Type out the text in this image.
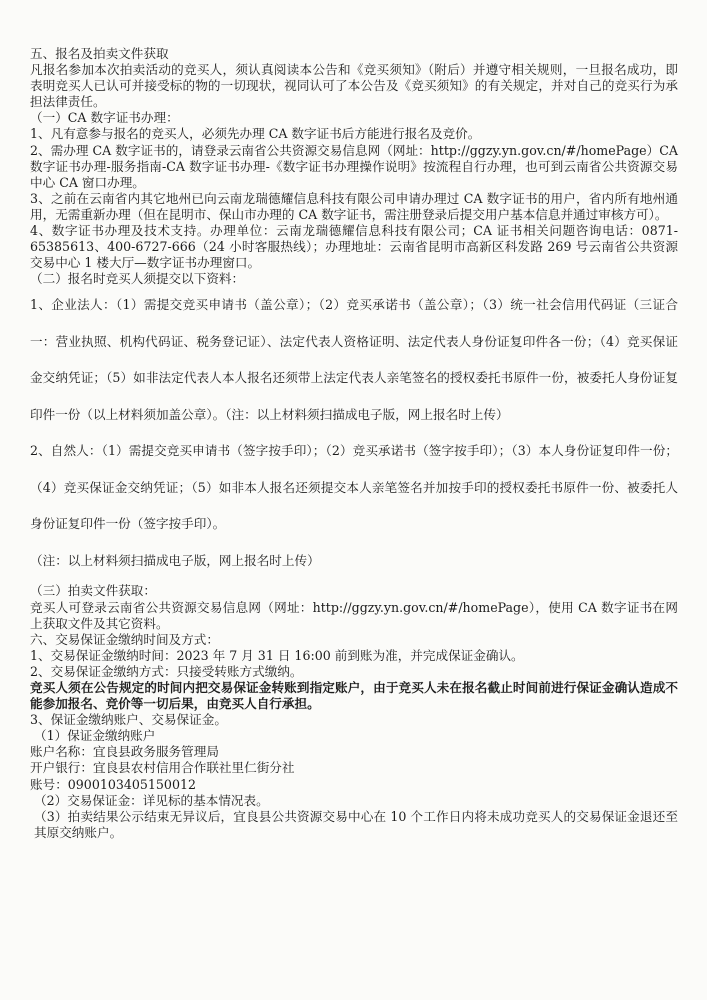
五、报名及拍卖文件获取

凡报名参加本次拍卖活动的竞买人，须认真阅读本公告和《竞买须知》（附后）并遵守相关规则，一旦报名成功，即表明竞买人已认可并接受标的物的一切现状，视同认可了本公告及《竞买须知》的有关规定，并对自己的竞买行为承担法律责任。

（一）CA 数字证书办理：

1、凡有意参与报名的竞买人，必须先办理 CA 数字证书后方能进行报名及竞价。

2、需办理 CA 数字证书的，请登录云南省公共资源交易信息网（网址：http://ggzy.yn.gov.cn/#/homePage）CA 数字证书办理-服务指南-CA 数字证书办理-《数字证书办理操作说明》按流程自行办理，也可到云南省公共资源交易中心 CA 窗口办理。

3、之前在云南省内其它地州已向云南龙瑞德耀信息科技有限公司申请办理过 CA 数字证书的用户，省内所有地州通用，无需重新办理（但在昆明市、保山市办理的 CA 数字证书，需注册登录后提交用户基本信息并通过审核方可）。

4、数字证书办理及技术支持。办理单位：云南龙瑞德耀信息科技有限公司；CA 证书相关问题咨询电话：0871-65385613、400-6727-666（24 小时客服热线）；办理地址：云南省昆明市高新区科发路 269 号云南省公共资源交易中心 1 楼大厅—数字证书办理窗口。

（二）报名时竞买人须提交以下资料：

1、企业法人：（1）需提交竞买申请书（盖公章）；（2）竞买承诺书（盖公章）；（3）统一社会信用代码证（三证合一：营业执照、机构代码证、税务登记证）、法定代表人资格证明、法定代表人身份证复印件各一份；（4）竞买保证金交纳凭证；（5）如非法定代表人本人报名还须带上法定代表人亲笔签名的授权委托书原件一份，被委托人身份证复印件一份（以上材料须加盖公章）。（注：以上材料须扫描成电子版，网上报名时上传）

2、自然人：（1）需提交竞买申请书（签字按手印）；（2）竞买承诺书（签字按手印）；（3）本人身份证复印件一份；（4）竞买保证金交纳凭证；（5）如非本人报名还须提交本人亲笔签名并加按手印的授权委托书原件一份、被委托人身份证复印件一份（签字按手印）。

（注：以上材料须扫描成电子版，网上报名时上传）

（三）拍卖文件获取：

竞买人可登录云南省公共资源交易信息网（网址：http://ggzy.yn.gov.cn/#/homePage），使用 CA 数字证书在网上获取文件及其它资料。

六、交易保证金缴纳时间及方式：

1、交易保证金缴纳时间：2023 年 7 月 31 日 16:00 前到账为准，并完成保证金确认。

2、交易保证金缴纳方式：只接受转账方式缴纳。

竞买人须在公告规定的时间内把交易保证金转账到指定账户，由于竞买人未在报名截止时间前进行保证金确认造成不能参加报名、竞价等一切后果，由竞买人自行承担。

3、保证金缴纳账户、交易保证金。

（1）保证金缴纳账户

账户名称：宜良县政务服务管理局

开户银行：宜良县农村信用合作联社里仁街分社

账号：0900103405150012

（2）交易保证金：详见标的基本情况表。

（3）拍卖结果公示结束无异议后，宜良县公共资源交易中心在 10 个工作日内将未成功竞买人的交易保证金退还至其原交纳账户。
